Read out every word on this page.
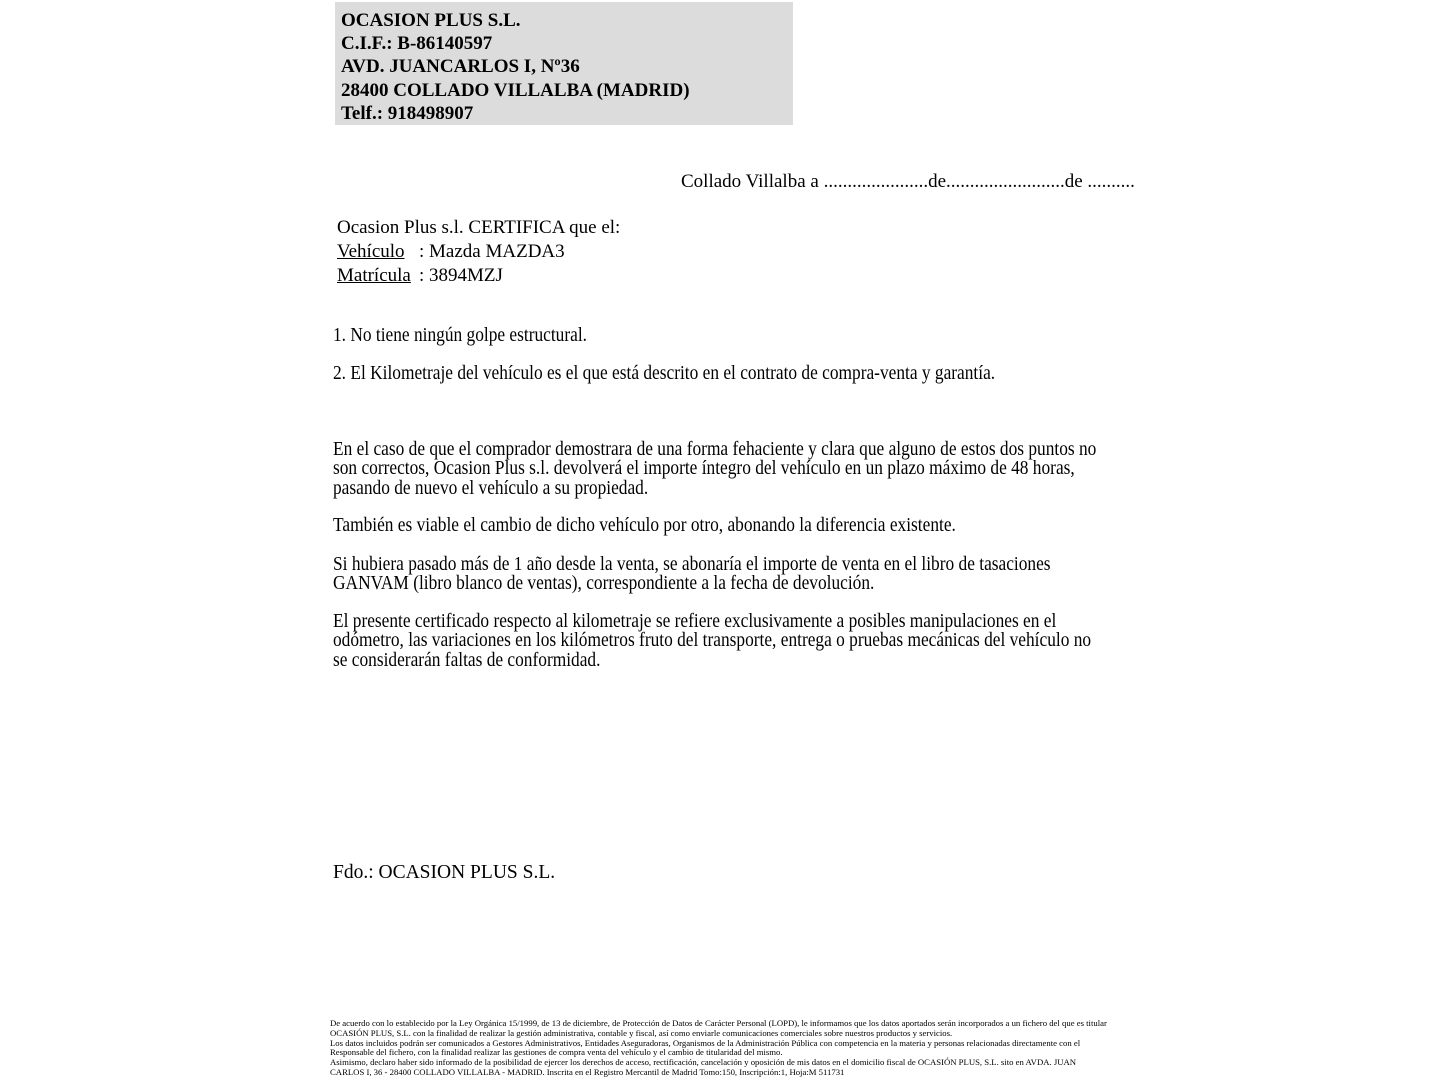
OCASION PLUS S.L.
C.I.F.: B-86140597
AVD. JUANCARLOS I, Nº36
28400 COLLADO VILLALBA (MADRID)
Telf.: 918498907
Collado Villalba a ......................de.........................de ..........
Ocasion Plus s.l. CERTIFICA que el:
Vehículo : Mazda MAZDA3
Matrícula : 3894MZJ
1. No tiene ningún golpe estructural.
2. El Kilometraje del vehículo es el que está descrito en el contrato de compra-venta y garantía.
En el caso de que el comprador demostrara de una forma fehaciente y clara que alguno de estos dos puntos no
son correctos, Ocasion Plus s.l. devolverá el importe íntegro del vehículo en un plazo máximo de 48 horas,
pasando de nuevo el vehículo a su propiedad.
También es viable el cambio de dicho vehículo por otro, abonando la diferencia existente.
Si hubiera pasado más de 1 año desde la venta, se abonaría el importe de venta en el libro de tasaciones
GANVAM (libro blanco de ventas), correspondiente a la fecha de devolución.
El presente certificado respecto al kilometraje se refiere exclusivamente a posibles manipulaciones en el
odómetro, las variaciones en los kilómetros fruto del transporte, entrega o pruebas mecánicas del vehículo no
se considerarán faltas de conformidad.
Fdo.: OCASION PLUS S.L.
De acuerdo con lo establecido por la Ley Orgánica 15/1999, de 13 de diciembre, de Protección de Datos de Carácter Personal (LOPD), le informamos que los datos aportados serán incorporados a un fichero del que es titular
OCASIÓN PLUS, S.L. con la finalidad de realizar la gestión administrativa, contable y fiscal, así como enviarle comunicaciones comerciales sobre nuestros productos y servicios.
Los datos incluidos podrán ser comunicados a Gestores Administrativos, Entidades Aseguradoras, Organismos de la Administración Pública con competencia en la materia y personas relacionadas directamente con el
Responsable del fichero, con la finalidad realizar las gestiones de compra venta del vehículo y el cambio de titularidad del mismo.
Asimismo, declaro haber sido informado de la posibilidad de ejercer los derechos de acceso, rectificación, cancelación y oposición de mis datos en el domicilio fiscal de OCASIÓN PLUS, S.L. sito en AVDA. JUAN
CARLOS I, 36 - 28400 COLLADO VILLALBA - MADRID. Inscrita en el Registro Mercantil de Madrid Tomo:150, Inscripción:1, Hoja:M 511731
